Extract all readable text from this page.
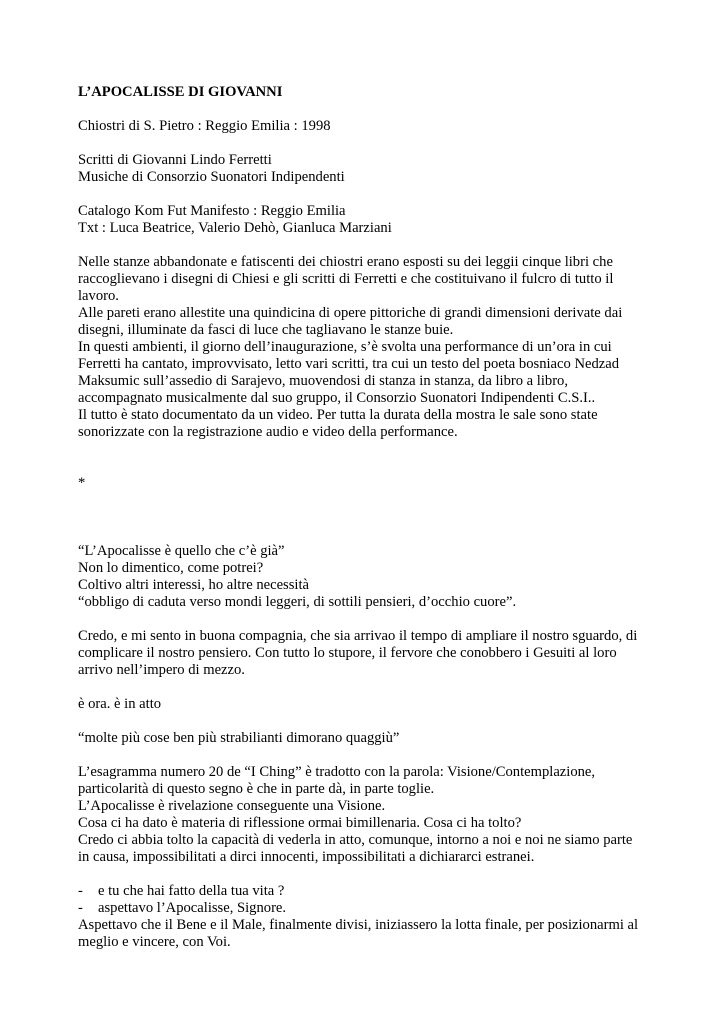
L’APOCALISSE DI GIOVANNI
Chiostri di S. Pietro : Reggio Emilia : 1998
Scritti di Giovanni Lindo Ferretti
Musiche di Consorzio Suonatori Indipendenti
Catalogo Kom Fut Manifesto : Reggio Emilia
Txt : Luca Beatrice, Valerio Dehò, Gianluca Marziani
Nelle stanze abbandonate e fatiscenti dei chiostri erano esposti su dei leggii cinque libri che
raccoglievano i disegni di Chiesi e gli scritti di Ferretti e che costituivano il fulcro di tutto il
lavoro.
Alle pareti erano allestite una quindicina di opere pittoriche di grandi dimensioni derivate dai
disegni, illuminate da fasci di luce che tagliavano le stanze buie.
In questi ambienti, il giorno dell’inaugurazione, s’è svolta una performance di un’ora in cui
Ferretti ha cantato, improvvisato, letto vari scritti, tra cui un testo del poeta bosniaco Nedzad
Maksumic sull’assedio di Sarajevo, muovendosi di stanza in stanza, da libro a libro,
accompagnato musicalmente dal suo gruppo, il Consorzio Suonatori Indipendenti C.S.I..
Il tutto è stato documentato da un video. Per tutta la durata della mostra le sale sono state
sonorizzate con la registrazione audio e video della performance.
*
“L’Apocalisse è quello che c’è già”
Non lo dimentico, come potrei?
Coltivo altri interessi, ho altre necessità
“obbligo di caduta verso mondi leggeri, di sottili pensieri, d’occhio cuore”.
Credo, e mi sento in buona compagnia, che sia arrivao il tempo di ampliare il nostro sguardo, di
complicare il nostro pensiero. Con tutto lo stupore, il fervore che conobbero i Gesuiti al loro
arrivo nell’impero di mezzo.
è ora. è in atto
“molte più cose ben più strabilianti dimorano quaggiù”
L’esagramma numero 20 de “I Ching” è tradotto con la parola: Visione/Contemplazione,
particolarità di questo segno è che in parte dà, in parte toglie.
L’Apocalisse è rivelazione conseguente una Visione.
Cosa ci ha dato è materia di riflessione ormai bimillenaria. Cosa ci ha tolto?
Credo ci abbia tolto la capacità di vederla in atto, comunque, intorno a noi e noi ne siamo parte
in causa, impossibilitati a dirci innocenti, impossibilitati a dichiararci estranei.
- e tu che hai fatto della tua vita ?
- aspettavo l’Apocalisse, Signore.
Aspettavo che il Bene e il Male, finalmente divisi, iniziassero la lotta finale, per posizionarmi al
meglio e vincere, con Voi.
